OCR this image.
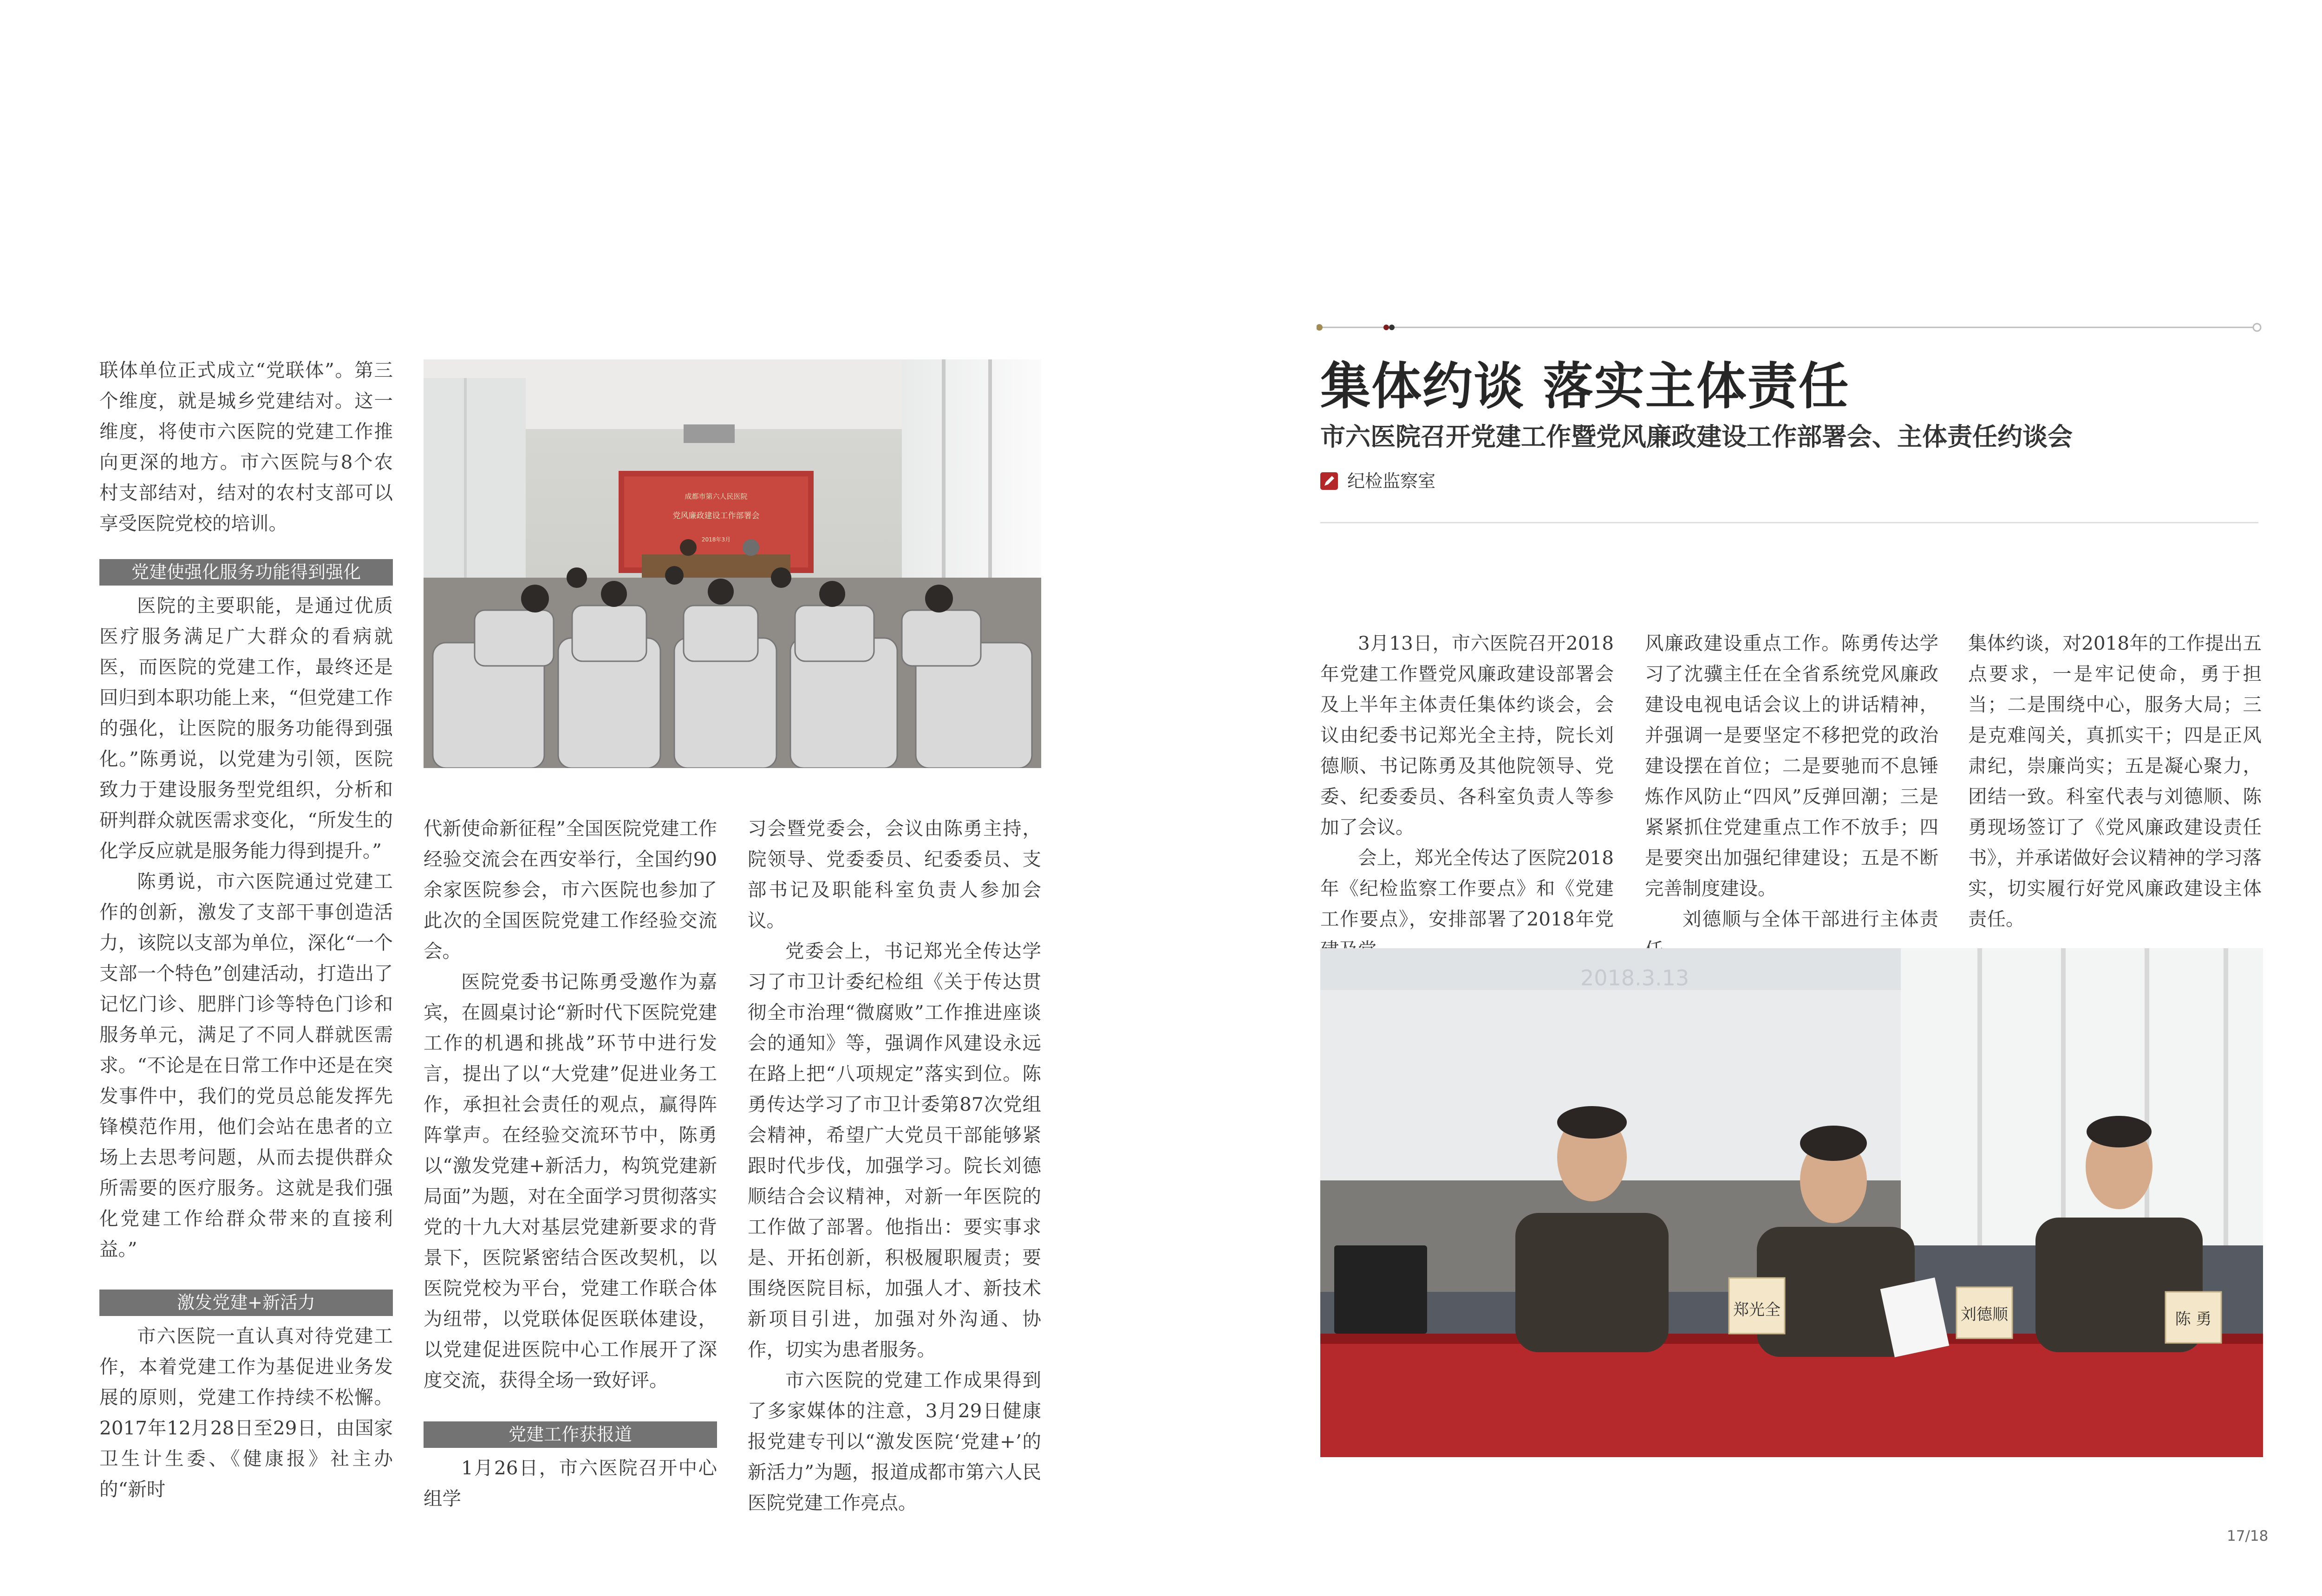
联体单位正式成立“党联体”。第三个维度，就是城乡党建结对。这一维度，将使市六医院的党建工作推向更深的地方。市六医院与8个农村支部结对，结对的农村支部可以享受医院党校的培训。

党建使强化服务功能得到强化

医院的主要职能，是通过优质医疗服务满足广大群众的看病就医，而医院的党建工作，最终还是回归到本职功能上来，“但党建工作的强化，让医院的服务功能得到强化。”陈勇说，以党建为引领，医院致力于建设服务型党组织，分析和研判群众就医需求变化，“所发生的化学反应就是服务能力得到提升。”

陈勇说，市六医院通过党建工作的创新，激发了支部干事创造活力，该院以支部为单位，深化“一个支部一个特色”创建活动，打造出了记忆门诊、肥胖门诊等特色门诊和服务单元，满足了不同人群就医需求。“不论是在日常工作中还是在突发事件中，我们的党员总能发挥先锋模范作用，他们会站在患者的立场上去思考问题，从而去提供群众所需要的医疗服务。这就是我们强化党建工作给群众带来的直接利益。”

激发党建+新活力

市六医院一直认真对待党建工作，本着党建工作为基促进业务发展的原则，党建工作持续不松懈。2017年12月28日至29日，由国家卫生计生委、《健康报》社主办的“新时

成都市第六人民医院
党风廉政建设工作部署会
2018年3月

代新使命新征程”全国医院党建工作经验交流会在西安举行，全国约90余家医院参会，市六医院也参加了此次的全国医院党建工作经验交流会。

医院党委书记陈勇受邀作为嘉宾，在圆桌讨论“新时代下医院党建工作的机遇和挑战”环节中进行发言，提出了以“大党建”促进业务工作，承担社会责任的观点，赢得阵阵掌声。在经验交流环节中，陈勇以“激发党建+新活力，构筑党建新局面”为题，对在全面学习贯彻落实党的十九大对基层党建新要求的背景下，医院紧密结合医改契机，以医院党校为平台，党建工作联合体为纽带，以党联体促医联体建设，以党建促进医院中心工作展开了深度交流，获得全场一致好评。

党建工作获报道

1月26日，市六医院召开中心组学

习会暨党委会，会议由陈勇主持，院领导、党委委员、纪委委员、支部书记及职能科室负责人参加会议。

党委会上，书记郑光全传达学习了市卫计委纪检组《关于传达贯彻全市治理“微腐败”工作推进座谈会的通知》等，强调作风建设永远在路上把“八项规定”落实到位。陈勇传达学习了市卫计委第87次党组会精神，希望广大党员干部能够紧跟时代步伐，加强学习。院长刘德顺结合会议精神，对新一年医院的工作做了部署。他指出：要实事求是、开拓创新，积极履职履责；要围绕医院目标，加强人才、新技术新项目引进，加强对外沟通、协作，切实为患者服务。

市六医院的党建工作成果得到了多家媒体的注意，3月29日健康报党建专刊以“激发医院‘党建+’的新活力”为题，报道成都市第六人民医院党建工作亮点。

集体约谈 落实主体责任
市六医院召开党建工作暨党风廉政建设工作部署会、主体责任约谈会
纪检监察室

3月13日，市六医院召开2018年党建工作暨党风廉政建设部署会及上半年主体责任集体约谈会，会议由纪委书记郑光全主持，院长刘德顺、书记陈勇及其他院领导、党委、纪委委员、各科室负责人等参加了会议。

会上，郑光全传达了医院2018年《纪检监察工作要点》和《党建工作要点》，安排部署了2018年党

风廉政建设重点工作。陈勇传达学习了沈骥主任在全省系统党风廉政建设电视电话会议上的讲话精神，并强调一是要坚定不移把党的政治建设摆在首位；二是要驰而不息锤炼作风防止“四风”反弹回潮；三是紧紧抓住党建重点工作不放手；四是要突出加强纪律建设；五是不断完善制度建设。

刘德顺与全体干部进行主体责

集体约谈，对2018年的工作提出五点要求，一是牢记使命，勇于担当；二是围绕中心，服务大局；三是克难闯关，真抓实干；四是正风肃纪，崇廉尚实；五是凝心聚力，团结一致。科室代表与刘德顺、陈勇现场签订了《党风廉政建设责任书》，并承诺做好会议精神的学习落实，切实履行好党风廉政建设主体责任。

2018.3.13
郑光全	刘德顺	陈 勇
17/18
